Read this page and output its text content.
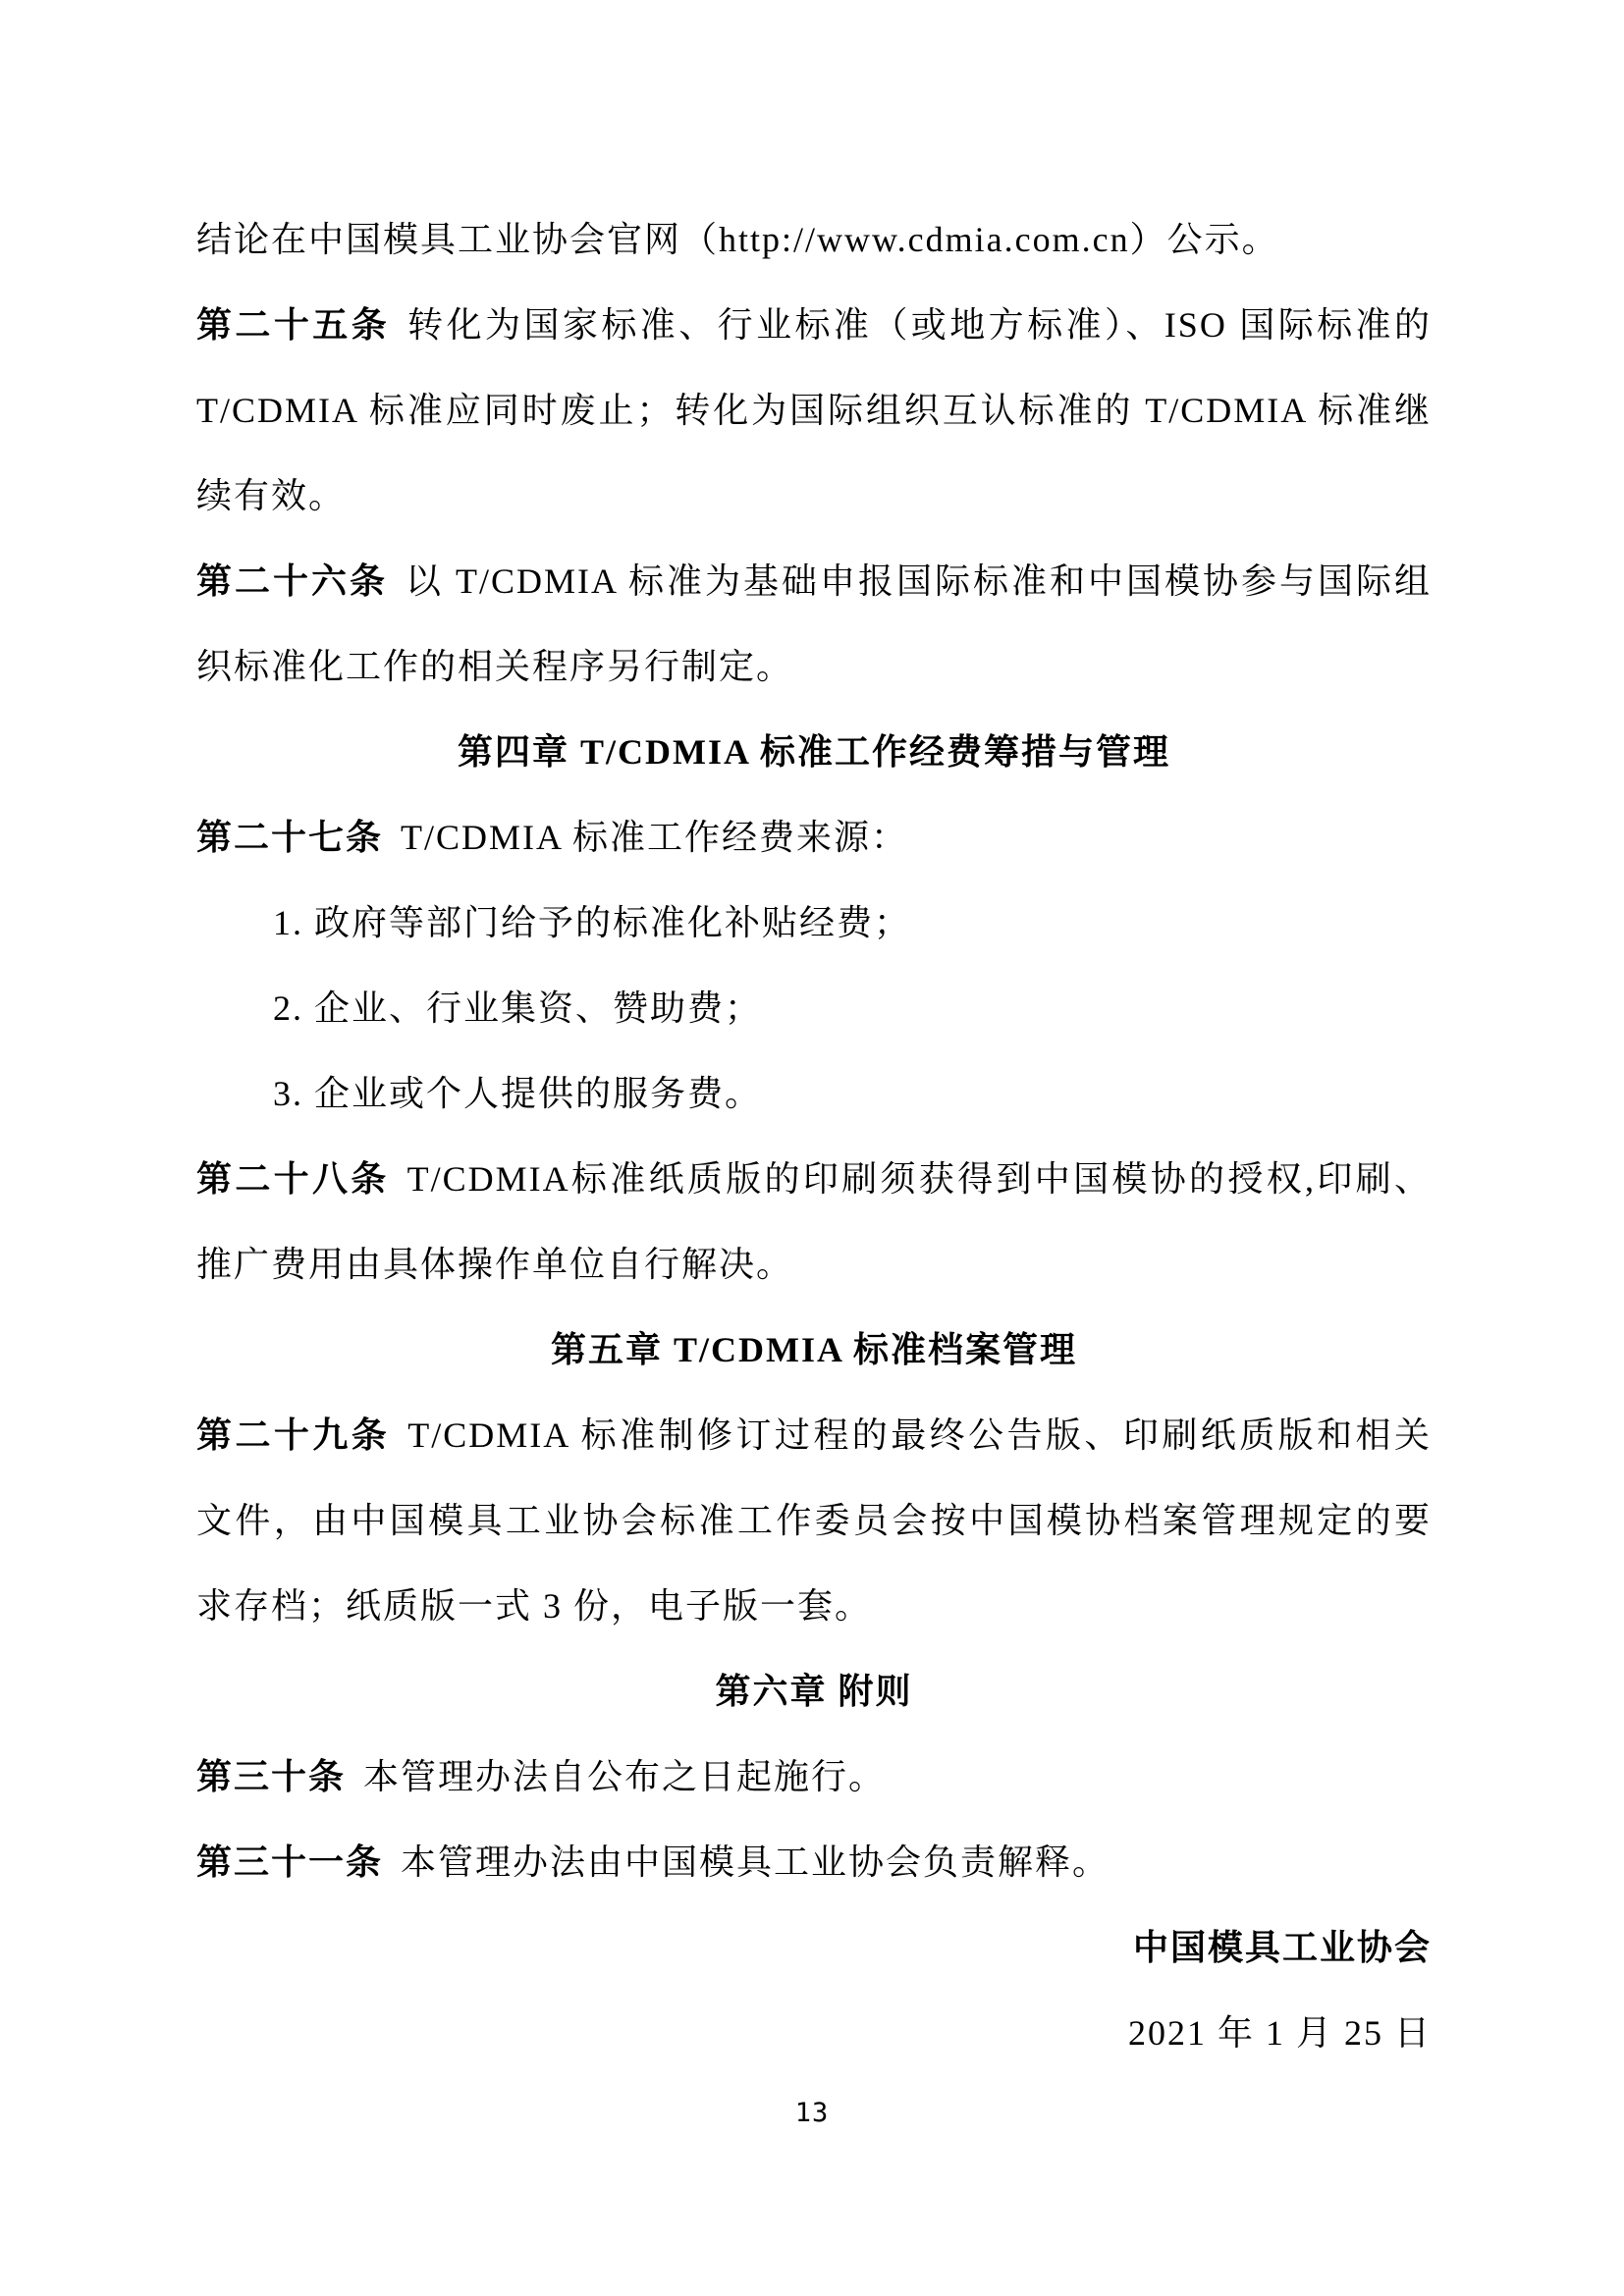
结论在中国模具工业协会官网（http://www.cdmia.com.cn）公示。
第二十五条 转化为国家标准、行业标准（或地方标准）、ISO 国际标准的
T/CDMIA 标准应同时废止；转化为国际组织互认标准的 T/CDMIA 标准继
续有效。
第二十六条 以 T/CDMIA 标准为基础申报国际标准和中国模协参与国际组
织标准化工作的相关程序另行制定。
第四章 T/CDMIA 标准工作经费筹措与管理
第二十七条 T/CDMIA 标准工作经费来源：
1. 政府等部门给予的标准化补贴经费；
2. 企业、行业集资、赞助费；
3. 企业或个人提供的服务费。
第二十八条 T/CDMIA标准纸质版的印刷须获得到中国模协的授权,印刷、
推广费用由具体操作单位自行解决。
第五章 T/CDMIA 标准档案管理
第二十九条 T/CDMIA 标准制修订过程的最终公告版、印刷纸质版和相关
文件，由中国模具工业协会标准工作委员会按中国模协档案管理规定的要
求存档；纸质版一式 3 份，电子版一套。
第六章 附则
第三十条 本管理办法自公布之日起施行。
第三十一条 本管理办法由中国模具工业协会负责解释。
中国模具工业协会
2021 年 1 月 25 日
13
